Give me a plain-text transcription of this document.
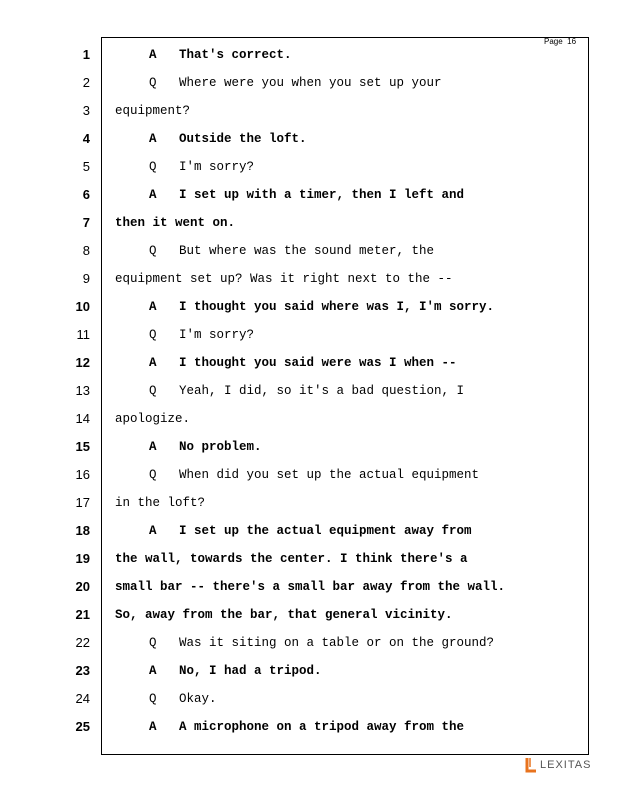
Page 16
1	A   That's correct.
2	Q   Where were you when you set up your
3 equipment?
4	A   Outside the loft.
5	Q   I'm sorry?
6	A   I set up with a timer, then I left and
7 then it went on.
8	Q   But where was the sound meter, the
9 equipment set up? Was it right next to the --
10	A   I thought you said where was I, I'm sorry.
11	Q   I'm sorry?
12	A   I thought you said were was I when --
13	Q   Yeah, I did, so it's a bad question, I
14 apologize.
15	A   No problem.
16	Q   When did you set up the actual equipment
17 in the loft?
18	A   I set up the actual equipment away from
19 the wall, towards the center. I think there's a
20 small bar -- there's a small bar away from the wall.
21 So, away from the bar, that general vicinity.
22	Q   Was it siting on a table or on the ground?
23	A   No, I had a tripod.
24	Q   Okay.
25	A   A microphone on a tripod away from the
LEXITAS
